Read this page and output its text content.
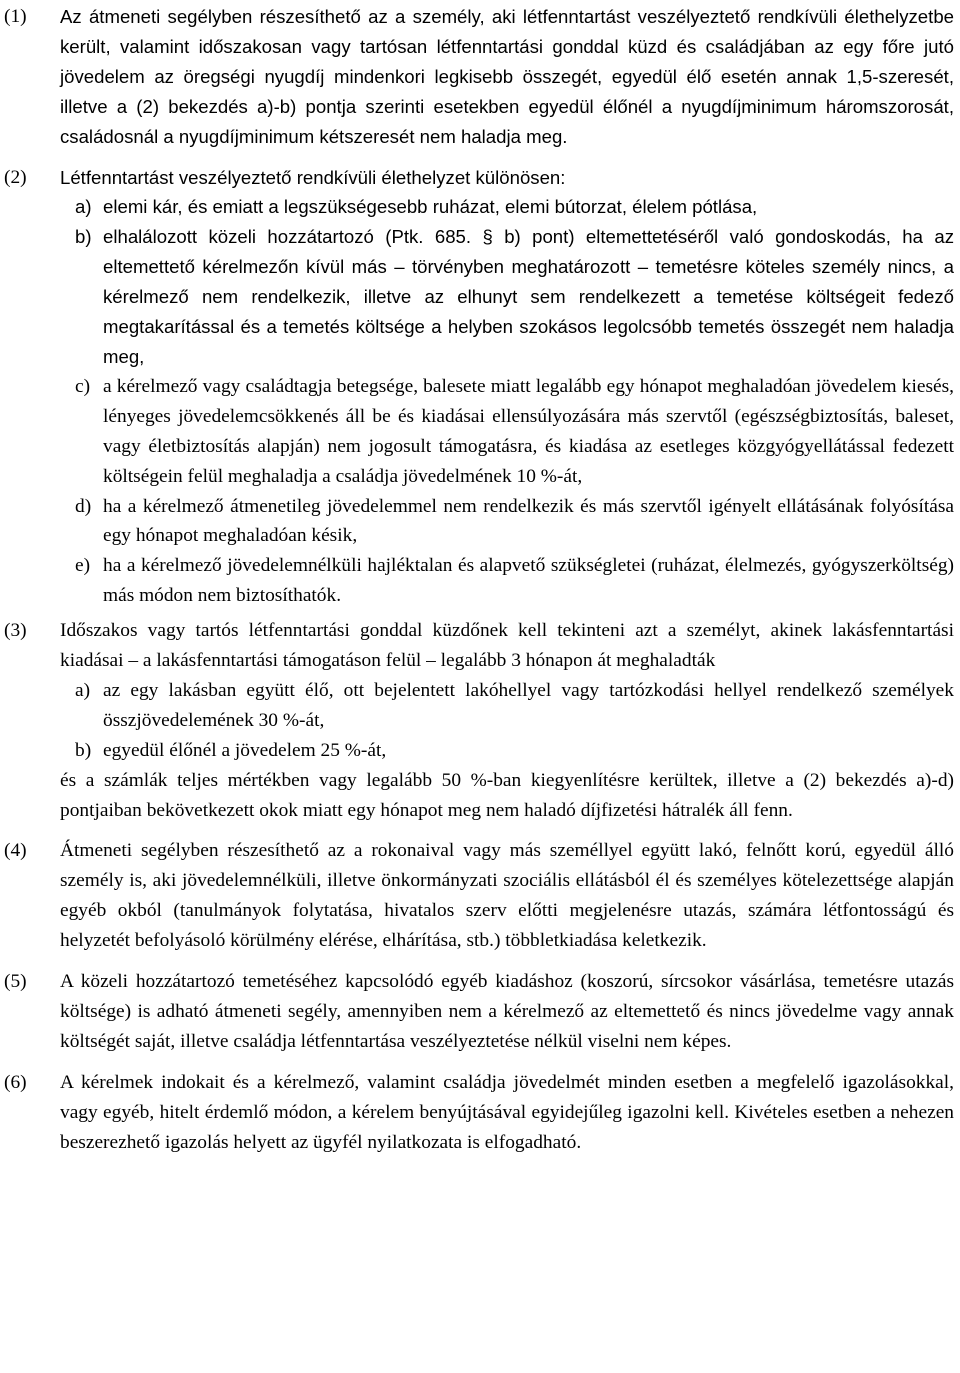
(1)	Az átmeneti segélyben részesíthető az a személy, aki létfenntartást veszélyeztető rendkívüli élethelyzetbe került, valamint időszakosan vagy tartósan létfenntartási gonddal küzd és családjában az egy főre jutó jövedelem az öregségi nyugdíj mindenkori legkisebb összegét, egyedül élő esetén annak 1,5-szeresét, illetve a (2) bekezdés a)-b) pontja szerinti esetekben egyedül élőnél a nyugdíjminimum háromszorosát, családosnál a nyugdíjminimum kétszeresét nem haladja meg.
(2)	Létfenntartást veszélyeztető rendkívüli élethelyzet különösen:
a) elemi kár, és emiatt a legszükségesebb ruházat, elemi bútorzat, élelem pótlása,
b) elhalálozott közeli hozzátartozó (Ptk. 685. § b) pont) eltemettetéséről való gondoskodás, ha az eltemettető kérelmezőn kívül más – törvényben meghatározott – temetésre köteles személy nincs, a kérelmező nem rendelkezik, illetve az elhunyt sem rendelkezett a temetése költségeit fedező megtakarítással és a temetés költsége a helyben szokásos legolcsóbb temetés összegét nem haladja meg,
c) a kérelmező vagy családtagja betegsége, balesete miatt legalább egy hónapot meghaladóan jövedelem kiesés, lényeges jövedelemcsökkenés áll be és kiadásai ellensúlyozására más szervtől (egészségbiztosítás, baleset, vagy életbiztosítás alapján) nem jogosult támogatásra, és kiadása az esetleges közgyógyellátással fedezett költségein felül meghaladja a családja jövedelmének 10 %-át,
d) ha a kérelmező átmenetileg jövedelemmel nem rendelkezik és más szervtől igényelt ellátásának folyósítása egy hónapot meghaladóan késik,
e) ha a kérelmező jövedelemnélküli hajléktalan és alapvető szükségletei (ruházat, élelmezés, gyógyszerköltség) más módon nem biztosíthatók.
(3)	Időszakos vagy tartós létfenntartási gonddal küzdőnek kell tekinteni azt a személyt, akinek lakásfenntartási kiadásai – a lakásfenntartási támogatáson felül – legalább 3 hónapon át meghaladták
a) az egy lakásban együtt élő, ott bejelentett lakóhellyel vagy tartózkodási hellyel rendelkező személyek összjövedelemének 30 %-át,
b) egyedül élőnél a jövedelem 25 %-át,
és a számlák teljes mértékben vagy legalább 50 %-ban kiegyenlítésre kerültek, illetve a (2) bekezdés a)-d) pontjaiban bekövetkezett okok miatt egy hónapot meg nem haladó díjfizetési hátralék áll fenn.
(4)	Átmeneti segélyben részesíthető az a rokonaival vagy más személlyel együtt lakó, felnőtt korú, egyedül álló személy is, aki jövedelemnélküli, illetve önkormányzati szociális ellátásból él és személyes kötelezettsége alapján egyéb okból (tanulmányok folytatása, hivatalos szerv előtti megjelenésre utazás, számára létfontosságú és helyzetét befolyásoló körülmény elérése, elhárítása, stb.) többletkiadása keletkezik.
(5)	A közeli hozzátartozó temetéséhez kapcsolódó egyéb kiadáshoz (koszorú, sírcsokor vásárlása, temetésre utazás költsége) is adható átmeneti segély, amennyiben nem a kérelmező az eltemettető és nincs jövedelme vagy annak költségét saját, illetve családja létfenntartása veszélyeztetése nélkül viselni nem képes.
(6)	A kérelmek indokait és a kérelmező, valamint családja jövedelmét minden esetben a megfelelő igazolásokkal, vagy egyéb, hitelt érdemlő módon, a kérelem benyújtásával egyidejűleg igazolni kell. Kivételes esetben a nehezen beszerezhető igazolás helyett az ügyfél nyilatkozata is elfogadható.
